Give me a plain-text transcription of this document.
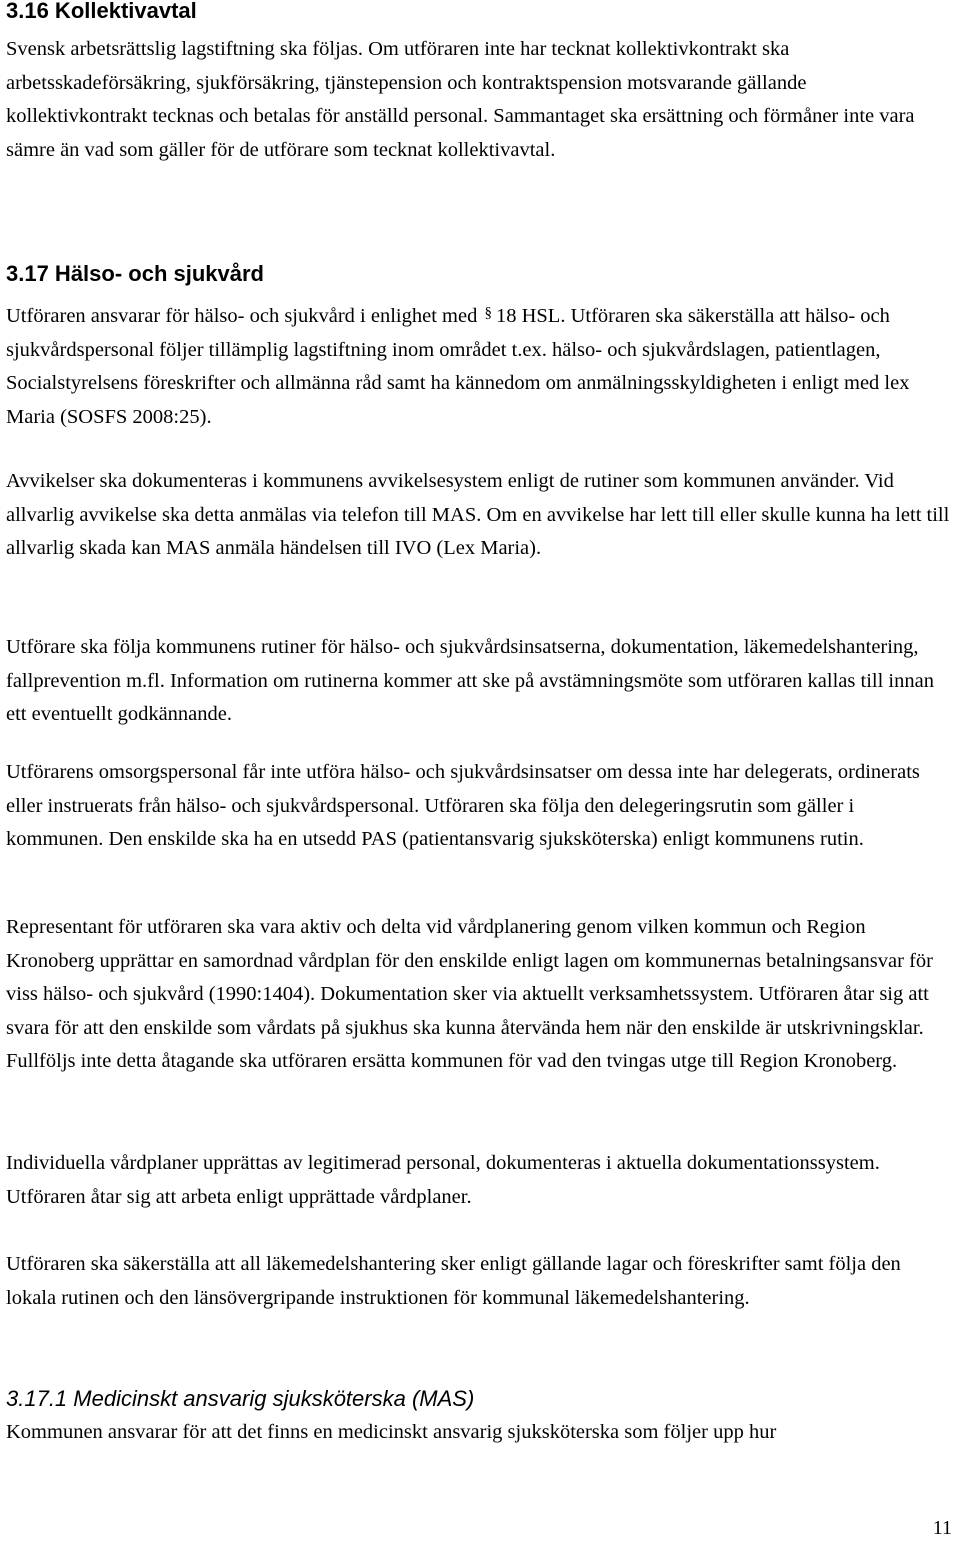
3.16 Kollektivavtal

Svensk arbetsrättslig lagstiftning ska följas. Om utföraren inte har tecknat kollektivkontrakt ska arbetsskadeförsäkring, sjukförsäkring, tjänstepension och kontraktspension motsvarande gällande kollektivkontrakt tecknas och betalas för anställd personal. Sammantaget ska ersättning och förmåner inte vara sämre än vad som gäller för de utförare som tecknat kollektivavtal.

3.17 Hälso- och sjukvård

Utföraren ansvarar för hälso- och sjukvård i enlighet med § 18 HSL. Utföraren ska säkerställa att hälso- och sjukvårdspersonal följer tillämplig lagstiftning inom området t.ex. hälso- och sjukvårdslagen, patientlagen, Socialstyrelsens föreskrifter och allmänna råd samt ha kännedom om anmälningsskyldigheten i enligt med lex Maria (SOSFS 2008:25).

Avvikelser ska dokumenteras i kommunens avvikelsesystem enligt de rutiner som kommunen använder. Vid allvarlig avvikelse ska detta anmälas via telefon till MAS. Om en avvikelse har lett till eller skulle kunna ha lett till allvarlig skada kan MAS anmäla händelsen till IVO (Lex Maria).

Utförare ska följa kommunens rutiner för hälso- och sjukvårdsinsatserna, dokumentation, läkemedelshantering, fallprevention m.fl. Information om rutinerna kommer att ske på avstämningsmöte som utföraren kallas till innan ett eventuellt godkännande.

Utförarens omsorgspersonal får inte utföra hälso- och sjukvårdsinsatser om dessa inte har delegerats, ordinerats eller instruerats från hälso- och sjukvårdspersonal. Utföraren ska följa den delegeringsrutin som gäller i kommunen. Den enskilde ska ha en utsedd PAS (patientansvarig sjuksköterska) enligt kommunens rutin.

Representant för utföraren ska vara aktiv och delta vid vårdplanering genom vilken kommun och Region Kronoberg upprättar en samordnad vårdplan för den enskilde enligt lagen om kommunernas betalningsansvar för viss hälso- och sjukvård (1990:1404). Dokumentation sker via aktuellt verksamhetssystem. Utföraren åtar sig att svara för att den enskilde som vårdats på sjukhus ska kunna återvända hem när den enskilde är utskrivningsklar. Fullföljs inte detta åtagande ska utföraren ersätta kommunen för vad den tvingas utge till Region Kronoberg.

Individuella vårdplaner upprättas av legitimerad personal, dokumenteras i aktuella dokumentationssystem. Utföraren åtar sig att arbeta enligt upprättade vårdplaner.

Utföraren ska säkerställa att all läkemedelshantering sker enligt gällande lagar och föreskrifter samt följa den lokala rutinen och den länsövergripande instruktionen för kommunal läkemedelshantering.

3.17.1 Medicinskt ansvarig sjuksköterska (MAS)

Kommunen ansvarar för att det finns en medicinskt ansvarig sjuksköterska som följer upp hur

11
